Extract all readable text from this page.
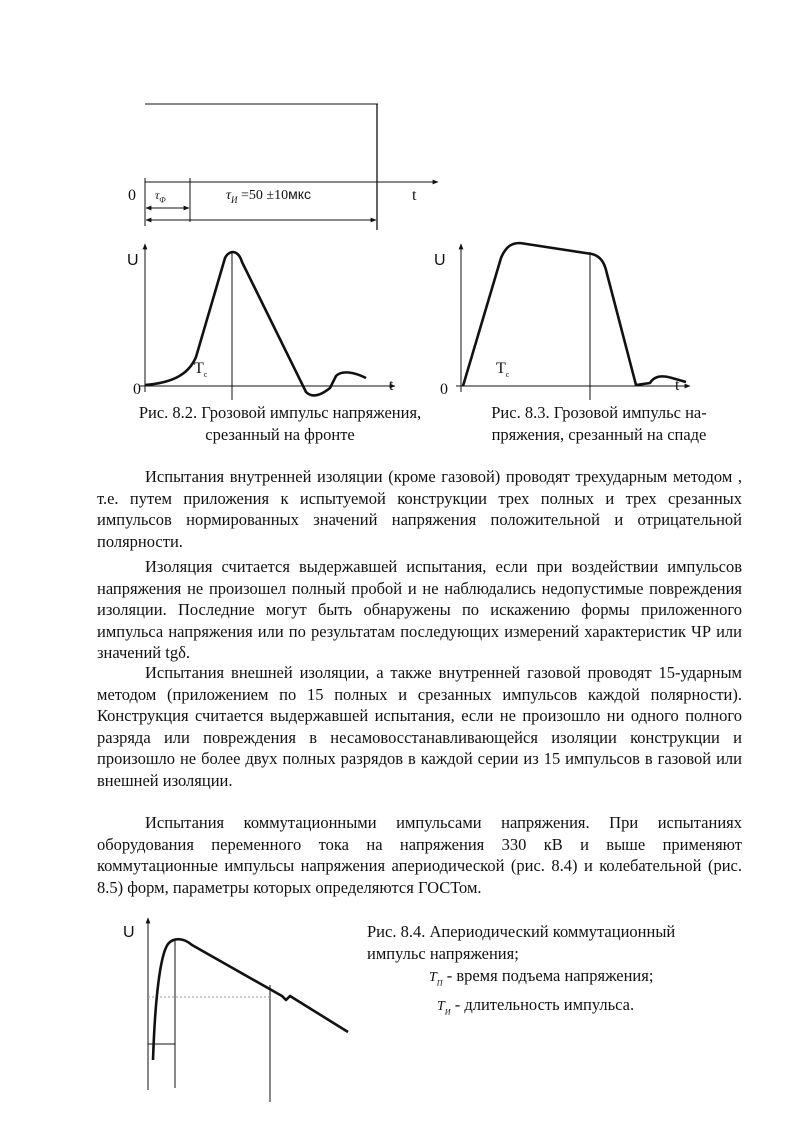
0	t
$\tau_Ф$	$\tau_И =50 \pm 10мкс$
U
0	t
$T_c$
Рис. 8.2. Грозовой импульс напряжения,
срезанный на фронте
U
0	t
$T_c$
Рис. 8.3. Грозовой импульс на-
пряжения, срезанный на спаде

Испытания внутренней изоляции (кроме газовой) проводят трехударным методом , т.е. путем приложения к испытуемой конструкции трех полных и трех срезанных импульсов нормированных значений напряжения положительной и отрицательной полярности.

Изоляция считается выдержавшей испытания, если при воздействии импульсов напряжения не произошел полный пробой и не наблюдались недопустимые повреждения изоляции. Последние могут быть обнаружены по искажению формы приложенного импульса напряжения или по результатам последующих измерений характеристик ЧР или значений tgδ.

Испытания внешней изоляции, а также внутренней газовой проводят 15-ударным методом (приложением по 15 полных и срезанных импульсов каждой полярности). Конструкция считается выдержавшей испытания, если не произошло ни одного полного разряда или повреждения в несамовосстанавливающейся изоляции конструкции и произошло не более двух полных разрядов в каждой серии из 15 импульсов в газовой или внешней изоляции.

Испытания коммутационными импульсами напряжения. При испытаниях оборудования переменного тока на напряжения 330 кВ и выше применяют коммутационные импульсы напряжения апериодической (рис. 8.4) и колебательной (рис. 8.5) форм, параметры которых определяются ГОСТом.

U	Рис. 8.4. Апериодический коммутационный
импульс напряжения;
$T_П$ - время подъема напряжения;
$T_И$ - длительность импульса.
